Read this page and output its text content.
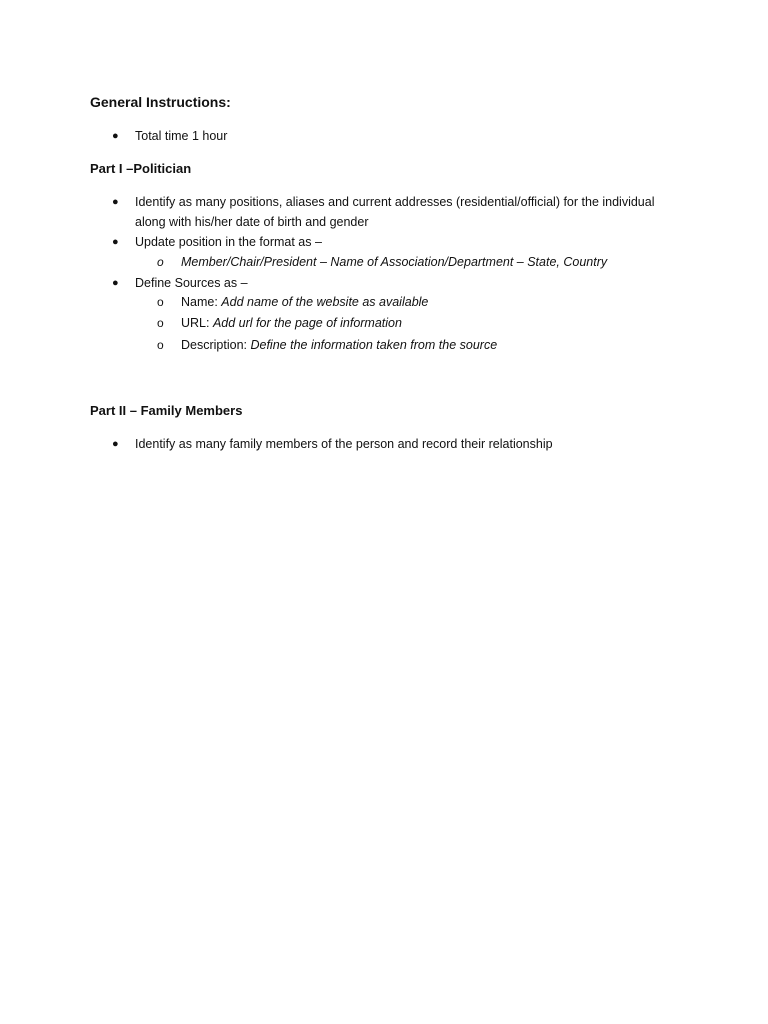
General Instructions:
● Total time 1 hour
Part I –Politician
● Identify as many positions, aliases and current addresses (residential/official) for the individual
along with his/her date of birth and gender
● Update position in the format as –
o Member/Chair/President – Name of Association/Department – State, Country
● Define Sources as –
o Name: Add name of the website as available
o URL: Add url for the page of information
o Description: Define the information taken from the source
Part II – Family Members
● Identify as many family members of the person and record their relationship
